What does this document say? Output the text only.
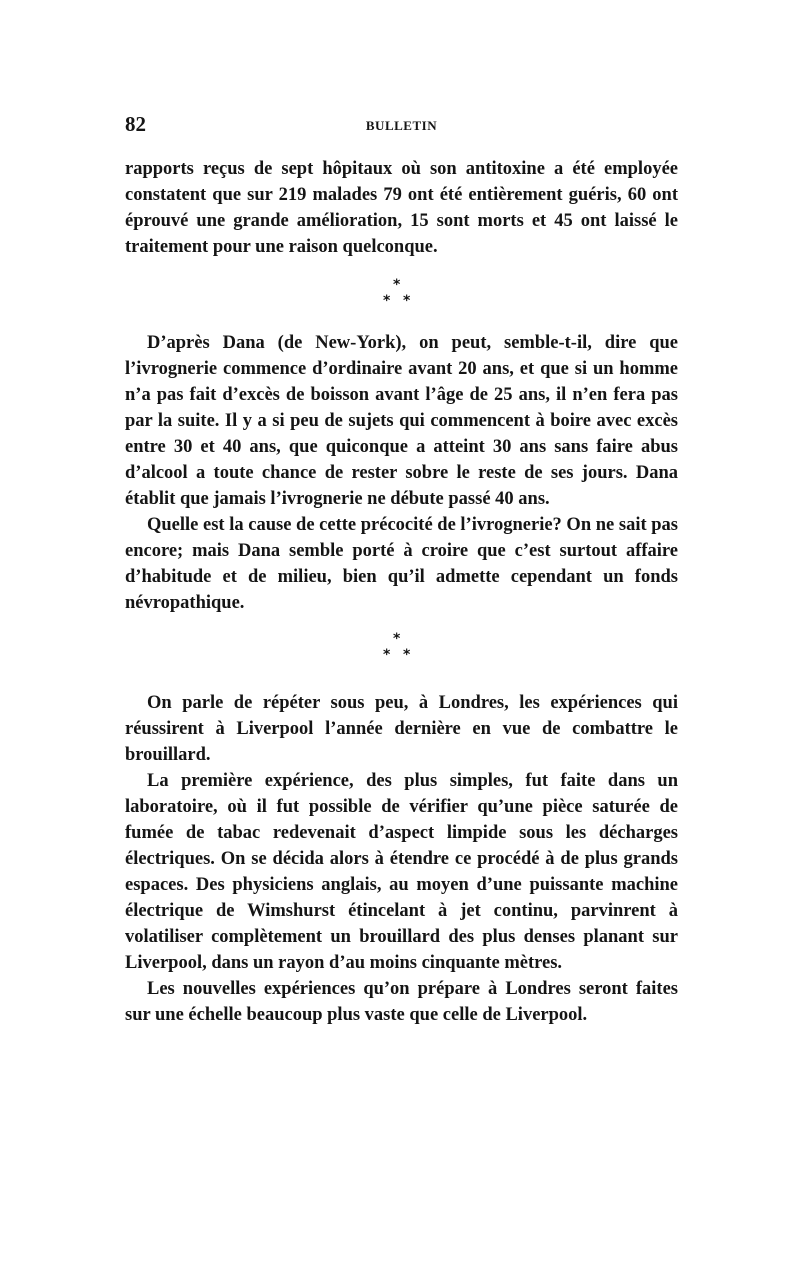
82	BULLETIN

rapports reçus de sept hôpitaux où son antitoxine a été employée constatent que sur 219 malades 79 ont été entièrement guéris, 60 ont éprouvé une grande amélioration, 15 sont morts et 45 ont laissé le traitement pour une raison quelconque.

*
* *

D’après Dana (de New-York), on peut, semble-t-il, dire que l’ivrognerie commence d’ordinaire avant 20 ans, et que si un homme n’a pas fait d’excès de boisson avant l’âge de 25 ans, il n’en fera pas par la suite. Il y a si peu de sujets qui commencent à boire avec excès entre 30 et 40 ans, que quiconque a atteint 30 ans sans faire abus d’alcool a toute chance de rester sobre le reste de ses jours. Dana établit que jamais l’ivrognerie ne débute passé 40 ans.

Quelle est la cause de cette précocité de l’ivrognerie? On ne sait pas encore; mais Dana semble porté à croire que c’est surtout affaire d’habitude et de milieu, bien qu’il admette cependant un fonds névropathique.

*
* *

On parle de répéter sous peu, à Londres, les expériences qui réussirent à Liverpool l’année dernière en vue de combattre le brouillard.

La première expérience, des plus simples, fut faite dans un laboratoire, où il fut possible de vérifier qu’une pièce saturée de fumée de tabac redevenait d’aspect limpide sous les décharges électriques. On se décida alors à étendre ce procédé à de plus grands espaces. Des physiciens anglais, au moyen d’une puissante machine électrique de Wimshurst étincelant à jet continu, parvinrent à volatiliser complètement un brouillard des plus denses planant sur Liverpool, dans un rayon d’au moins cinquante mètres.

Les nouvelles expériences qu’on prépare à Londres seront faites sur une échelle beaucoup plus vaste que celle de Liverpool.
